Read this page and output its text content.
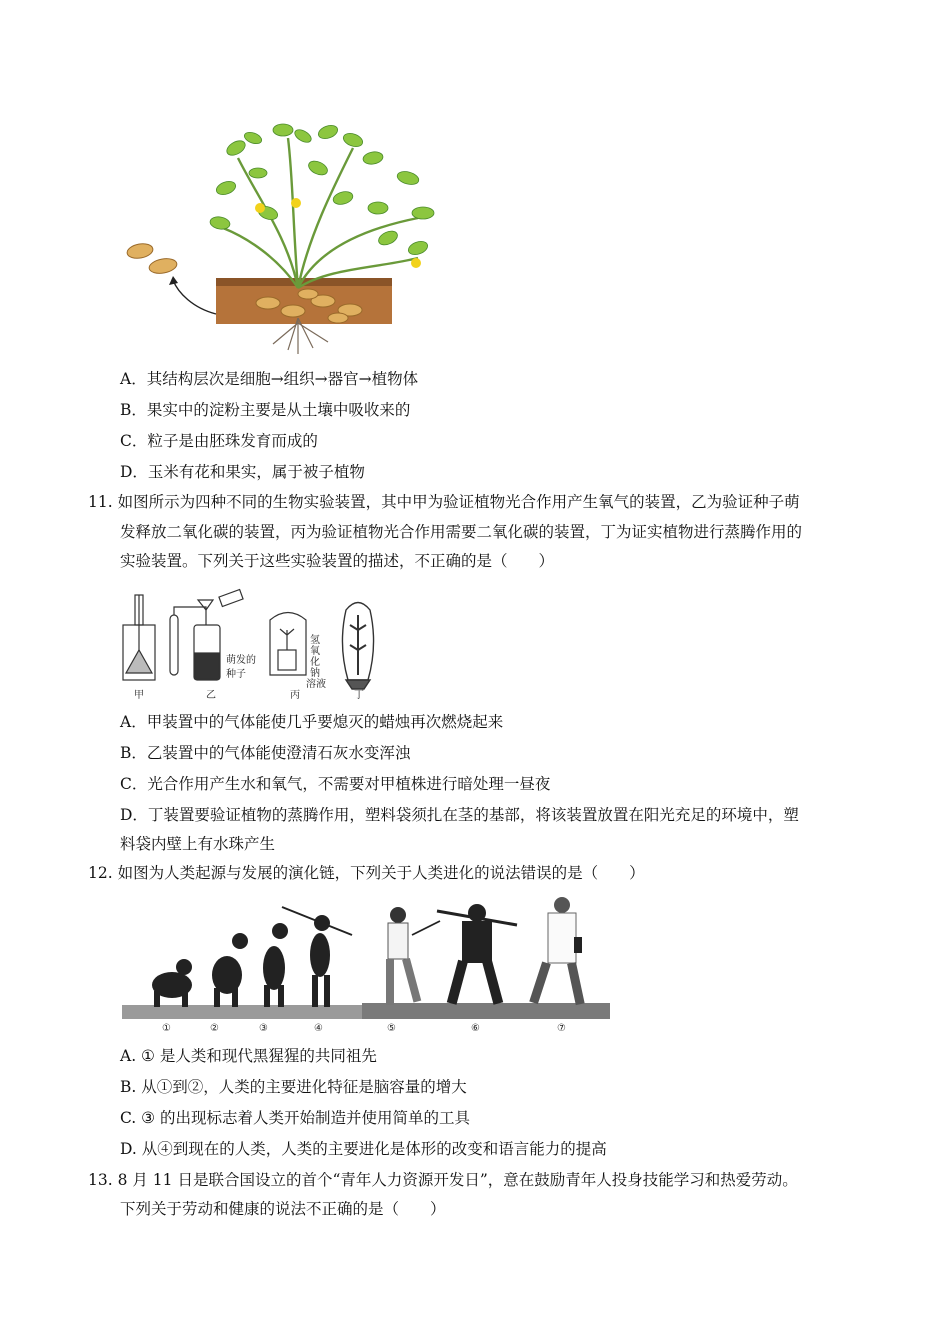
A．其结构层次是细胞→组织→器官→植物体
B．果实中的淀粉主要是从土壤中吸收来的
C．粒子是由胚珠发育而成的
D．玉米有花和果实，属于被子植物
11. 如图所示为四种不同的生物实验装置，其中甲为验证植物光合作用产生氧气的装置，乙为验证种子萌
发释放二氧化碳的装置，丙为验证植物光合作用需要二氧化碳的装置，丁为证实植物进行蒸腾作用的
实验装置。下列关于这些实验装置的描述，不正确的是（　　）
甲
萌发的
种子
乙
氢
氧
化
钠
溶液
丙	丁
A．甲装置中的气体能使几乎要熄灭的蜡烛再次燃烧起来
B．乙装置中的气体能使澄清石灰水变浑浊
C．光合作用产生水和氧气，不需要对甲植株进行暗处理一昼夜
D．丁装置要验证植物的蒸腾作用，塑料袋须扎在茎的基部，将该装置放置在阳光充足的环境中，塑
料袋内壁上有水珠产生
12. 如图为人类起源与发展的演化链，下列关于人类进化的说法错误的是（　　）
①	②	③	④	⑤	⑥	⑦
A. ① 是人类和现代黑猩猩的共同祖先
B. 从①到②，人类的主要进化特征是脑容量的增大
C. ③ 的出现标志着人类开始制造并使用简单的工具
D. 从④到现在的人类，人类的主要进化是体形的改变和语言能力的提高
13. 8 月 11 日是联合国设立的首个“青年人力资源开发日”，意在鼓励青年人投身技能学习和热爱劳动。
下列关于劳动和健康的说法不正确的是（　　）
